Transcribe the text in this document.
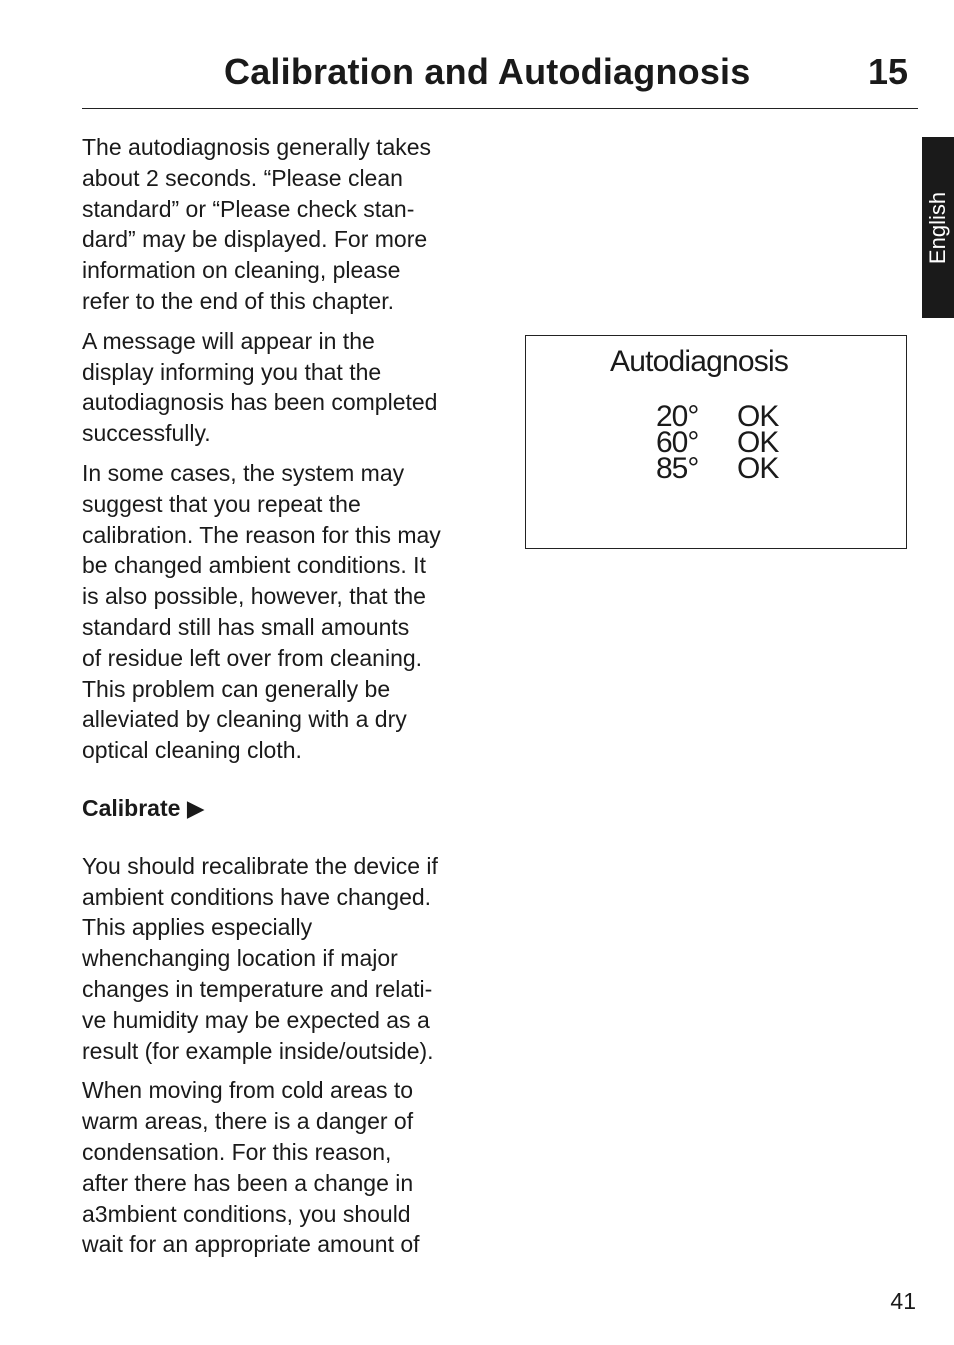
Calibration and Autodiagnosis	15
English

The autodiagnosis generally takes
about 2 seconds. “Please clean
standard” or “Please check stan-
dard” may be displayed. For more
information on cleaning, please
refer to the end of this chapter.

A message will appear in the
display informing you that the
autodiagnosis has been completed
successfully.

In some cases, the system may
suggest that you repeat the
calibration. The reason for this may
be changed ambient conditions. It
is also possible, however, that the
standard still has small amounts
of residue left over from cleaning.
This problem can generally be
alleviated by cleaning with a dry
optical cleaning cloth.

Calibrate ▶

You should recalibrate the device if
ambient conditions have changed.
This applies especially
whenchanging location if major
changes in temperature and relati-
ve humidity may be expected as a
result (for example inside/outside).

When moving from cold areas to
warm areas, there is a danger of
condensation. For this reason,
after there has been a change in
a3mbient conditions, you should
wait for an appropriate amount of

Autodiagnosis
20° OK
60° OK
85° OK
41
